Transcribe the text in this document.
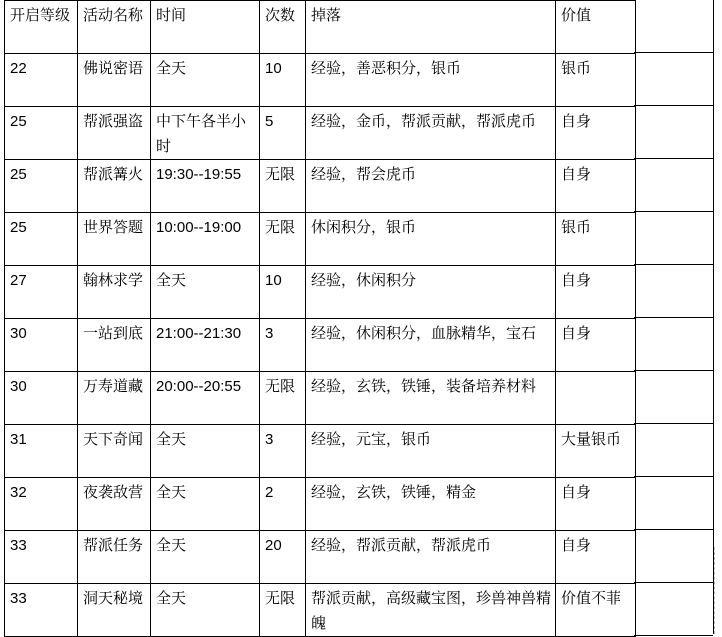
开启等级	活动名称	时间	次数	掉落	价值
22	佛说密语	全天	10	经验，善恶积分，银币	银币
25	帮派强盗	中下午各半小时	5	经验，金币，帮派贡献，帮派虎币	自身
25	帮派篝火	19:30--19:55	无限	经验，帮会虎币	自身
25	世界答题	10:00--19:00	无限	休闲积分，银币	银币
27	翰林求学	全天	10	经验，休闲积分	自身
30	一站到底	21:00--21:30	3	经验，休闲积分，血脉精华，宝石	自身
30	万寿道藏	20:00--20:55	无限	经验，玄铁，铁锤，装备培养材料	
31	天下奇闻	全天	3	经验，元宝，银币	大量银币
32	夜袭敌营	全天	2	经验，玄铁，铁锤，精金	自身
33	帮派任务	全天	20	经验，帮派贡献，帮派虎币	自身
33	洞天秘境	全天	无限	帮派贡献，高级藏宝图，珍兽神兽精魄	价值不菲
